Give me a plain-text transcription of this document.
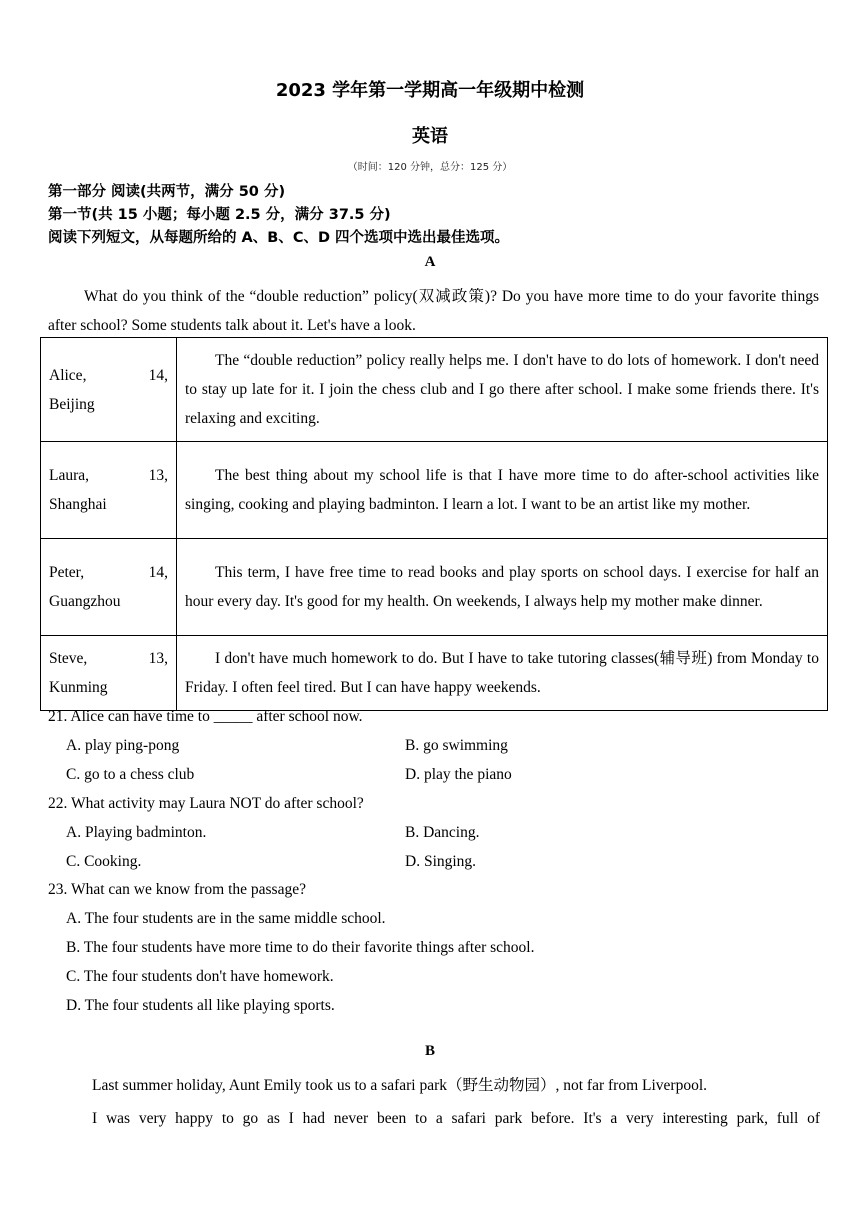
2023 学年第一学期高一年级期中检测
英语
（时间：120 分钟，总分：125 分）
第一部分 阅读(共两节，满分 50 分)
第一节(共 15 小题；每小题 2.5 分，满分 37.5 分)
阅读下列短文，从每题所给的 A、B、C、D 四个选项中选出最佳选项。
A
What do you think of the “double reduction” policy(双减政策)? Do you have more time to do your favorite things after school? Some students talk about it. Let's have a look.
Alice, 14,
Beijing	The “double reduction” policy really helps me. I don't have to do lots of homework. I don't need to stay up late for it. I join the chess club and I go there after school. I make some friends there. It's relaxing and exciting.

Laura, 13,
Shanghai	The best thing about my school life is that I have more time to do after-school activities like singing, cooking and playing badminton. I learn a lot. I want to be an artist like my mother.

Peter, 14,
Guangzhou	This term, I have free time to read books and play sports on school days. I exercise for half an hour every day. It's good for my health. On weekends, I always help my mother make dinner.

Steve, 13,
Kunming	I don't have much homework to do. But I have to take tutoring classes(辅导班) from Monday to Friday. I often feel tired. But I can have happy weekends.
21. Alice can have time to _____ after school now.
A. play ping-pong	B. go swimming
C. go to a chess club	D. play the piano
22. What activity may Laura NOT do after school?
A. Playing badminton.	B. Dancing.
C. Cooking.	D. Singing.
23. What can we know from the passage?
A. The four students are in the same middle school.
B. The four students have more time to do their favorite things after school.
C. The four students don't have homework.
D. The four students all like playing sports.
B
Last summer holiday, Aunt Emily took us to a safari park（野生动物园）, not far from Liverpool.
I was very happy to go as I had never been to a safari park before. It's a very interesting park, full of
